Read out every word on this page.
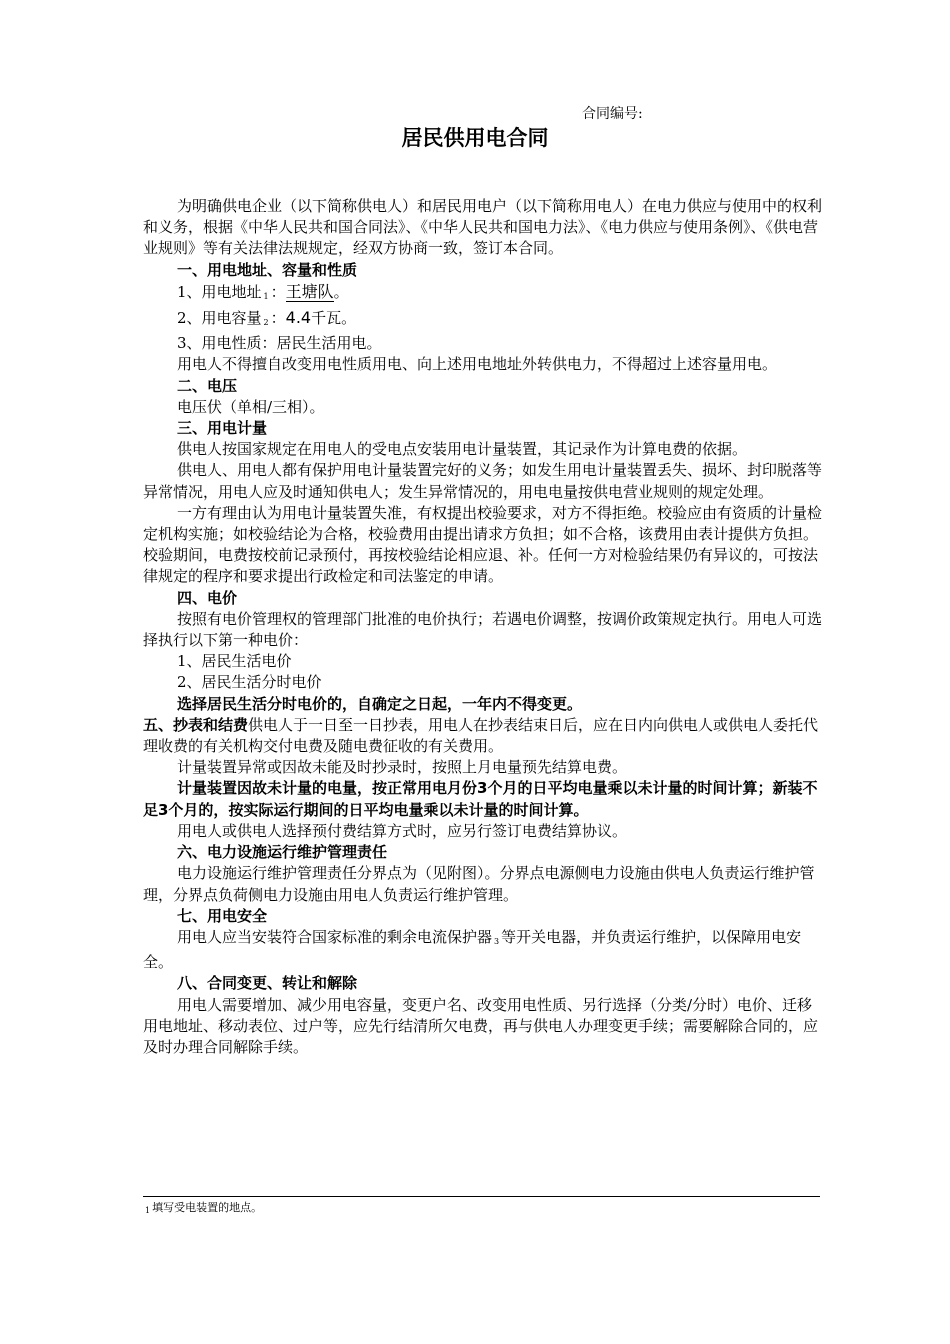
合同编号:
居民供用电合同

为明确供电企业（以下简称供电人）和居民用电户（以下简称用电人）在电力供应与使用中的权利和义务，根据《中华人民共和国合同法》、《中华人民共和国电力法》、《电力供应与使用条例》、《供电营业规则》等有关法律法规规定，经双方协商一致，签订本合同。

一、用电地址、容量和性质

1、用电地址 1 ：王塘队。

2、用电容量 2 ：4.4千瓦。

3、用电性质：居民生活用电。

用电人不得擅自改变用电性质用电、向上述用电地址外转供电力，不得超过上述容量用电。

二、电压

电压伏（单相/三相）。

三、用电计量

供电人按国家规定在用电人的受电点安装用电计量装置，其记录作为计算电费的依据。

供电人、用电人都有保护用电计量装置完好的义务；如发生用电计量装置丢失、损坏、封印脱落等异常情况，用电人应及时通知供电人；发生异常情况的，用电电量按供电营业规则的规定处理。

一方有理由认为用电计量装置失准，有权提出校验要求，对方不得拒绝。校验应由有资质的计量检定机构实施；如校验结论为合格，校验费用由提出请求方负担；如不合格，该费用由表计提供方负担。校验期间，电费按校前记录预付，再按校验结论相应退、补。任何一方对检验结果仍有异议的，可按法律规定的程序和要求提出行政检定和司法鉴定的申请。

四、电价

按照有电价管理权的管理部门批准的电价执行；若遇电价调整，按调价政策规定执行。用电人可选择执行以下第一种电价：

1、居民生活电价

2、居民生活分时电价

选择居民生活分时电价的，自确定之日起，一年内不得变更。

五、抄表和结费供电人于一日至一日抄表，用电人在抄表结束日后，应在日内向供电人或供电人委托代理收费的有关机构交付电费及随电费征收的有关费用。

计量装置异常或因故未能及时抄录时，按照上月电量预先结算电费。

计量装置因故未计量的电量，按正常用电月份3个月的日平均电量乘以未计量的时间计算；新装不足3个月的，按实际运行期间的日平均电量乘以未计量的时间计算。

用电人或供电人选择预付费结算方式时，应另行签订电费结算协议。

六、电力设施运行维护管理责任

电力设施运行维护管理责任分界点为（见附图）。分界点电源侧电力设施由供电人负责运行维护管理，分界点负荷侧电力设施由用电人负责运行维护管理。

七、用电安全

用电人应当安装符合国家标准的剩余电流保护器 3 等开关电器，并负责运行维护，以保障用电安全。

八、合同变更、转让和解除

用电人需要增加、减少用电容量，变更户名、改变用电性质、另行选择（分类/分时）电价、迁移用电地址、移动表位、过户等，应先行结清所欠电费，再与供电人办理变更手续；需要解除合同的，应及时办理合同解除手续。

1 填写受电装置的地点。
